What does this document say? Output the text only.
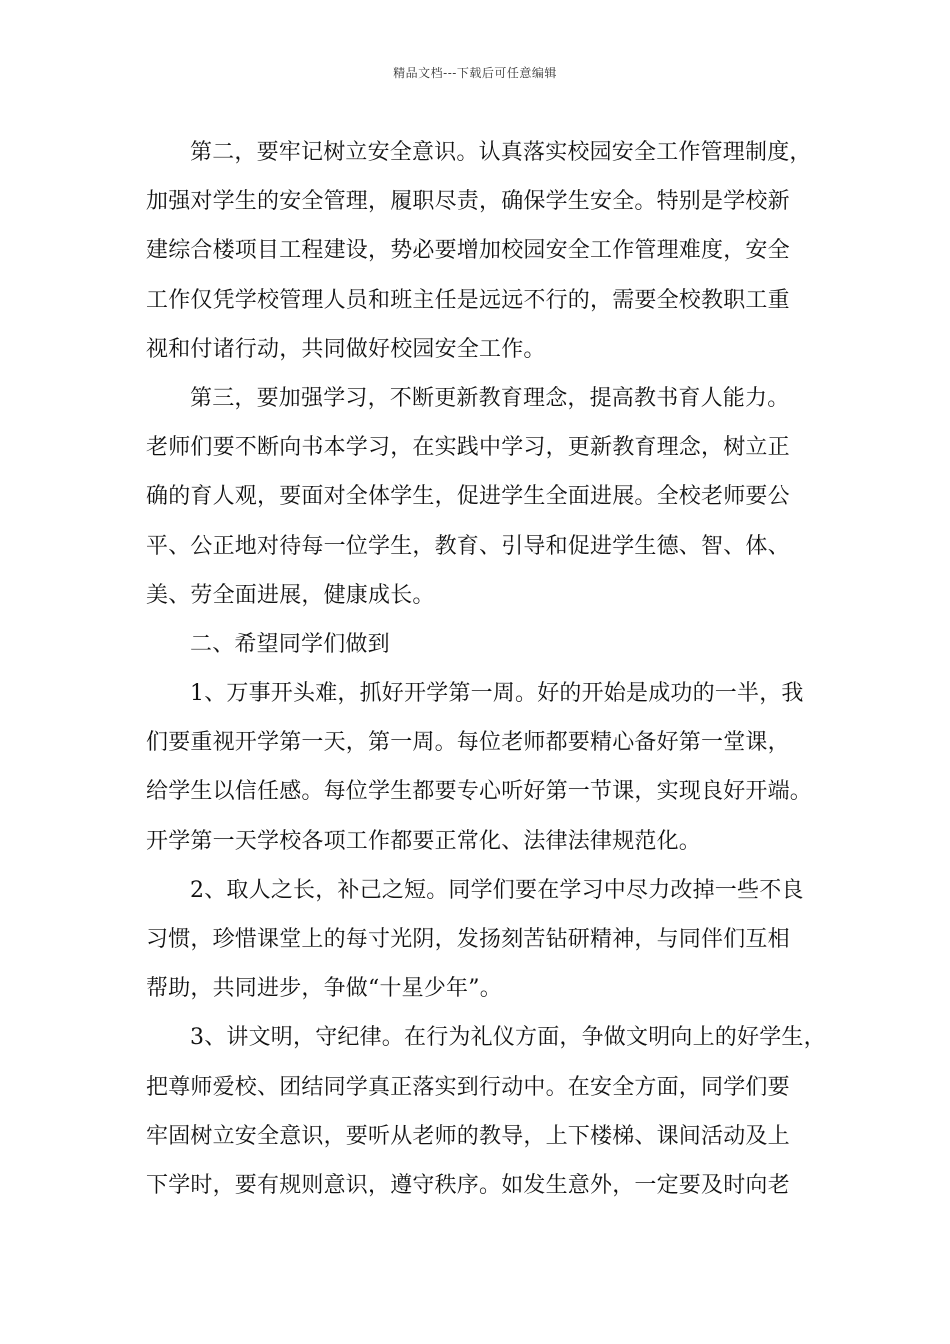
精品文档---下载后可任意编辑
第二，要牢记树立安全意识。认真落实校园安全工作管理制度，
加强对学生的安全管理，履职尽责，确保学生安全。特别是学校新
建综合楼项目工程建设，势必要增加校园安全工作管理难度，安全
工作仅凭学校管理人员和班主任是远远不行的，需要全校教职工重
视和付诸行动，共同做好校园安全工作。
第三，要加强学习，不断更新教育理念，提高教书育人能力。
老师们要不断向书本学习，在实践中学习，更新教育理念，树立正
确的育人观，要面对全体学生，促进学生全面进展。全校老师要公
平、公正地对待每一位学生，教育、引导和促进学生德、智、体、
美、劳全面进展，健康成长。
二、希望同学们做到
1、万事开头难，抓好开学第一周。好的开始是成功的一半，我
们要重视开学第一天，第一周。每位老师都要精心备好第一堂课，
给学生以信任感。每位学生都要专心听好第一节课，实现良好开端。
开学第一天学校各项工作都要正常化、法律法律规范化。
2、取人之长，补己之短。同学们要在学习中尽力改掉一些不良
习惯，珍惜课堂上的每寸光阴，发扬刻苦钻研精神，与同伴们互相
帮助，共同进步，争做“十星少年”。
3、讲文明，守纪律。在行为礼仪方面，争做文明向上的好学生，
把尊师爱校、团结同学真正落实到行动中。在安全方面，同学们要
牢固树立安全意识，要听从老师的教导，上下楼梯、课间活动及上
下学时，要有规则意识，遵守秩序。如发生意外，一定要及时向老
